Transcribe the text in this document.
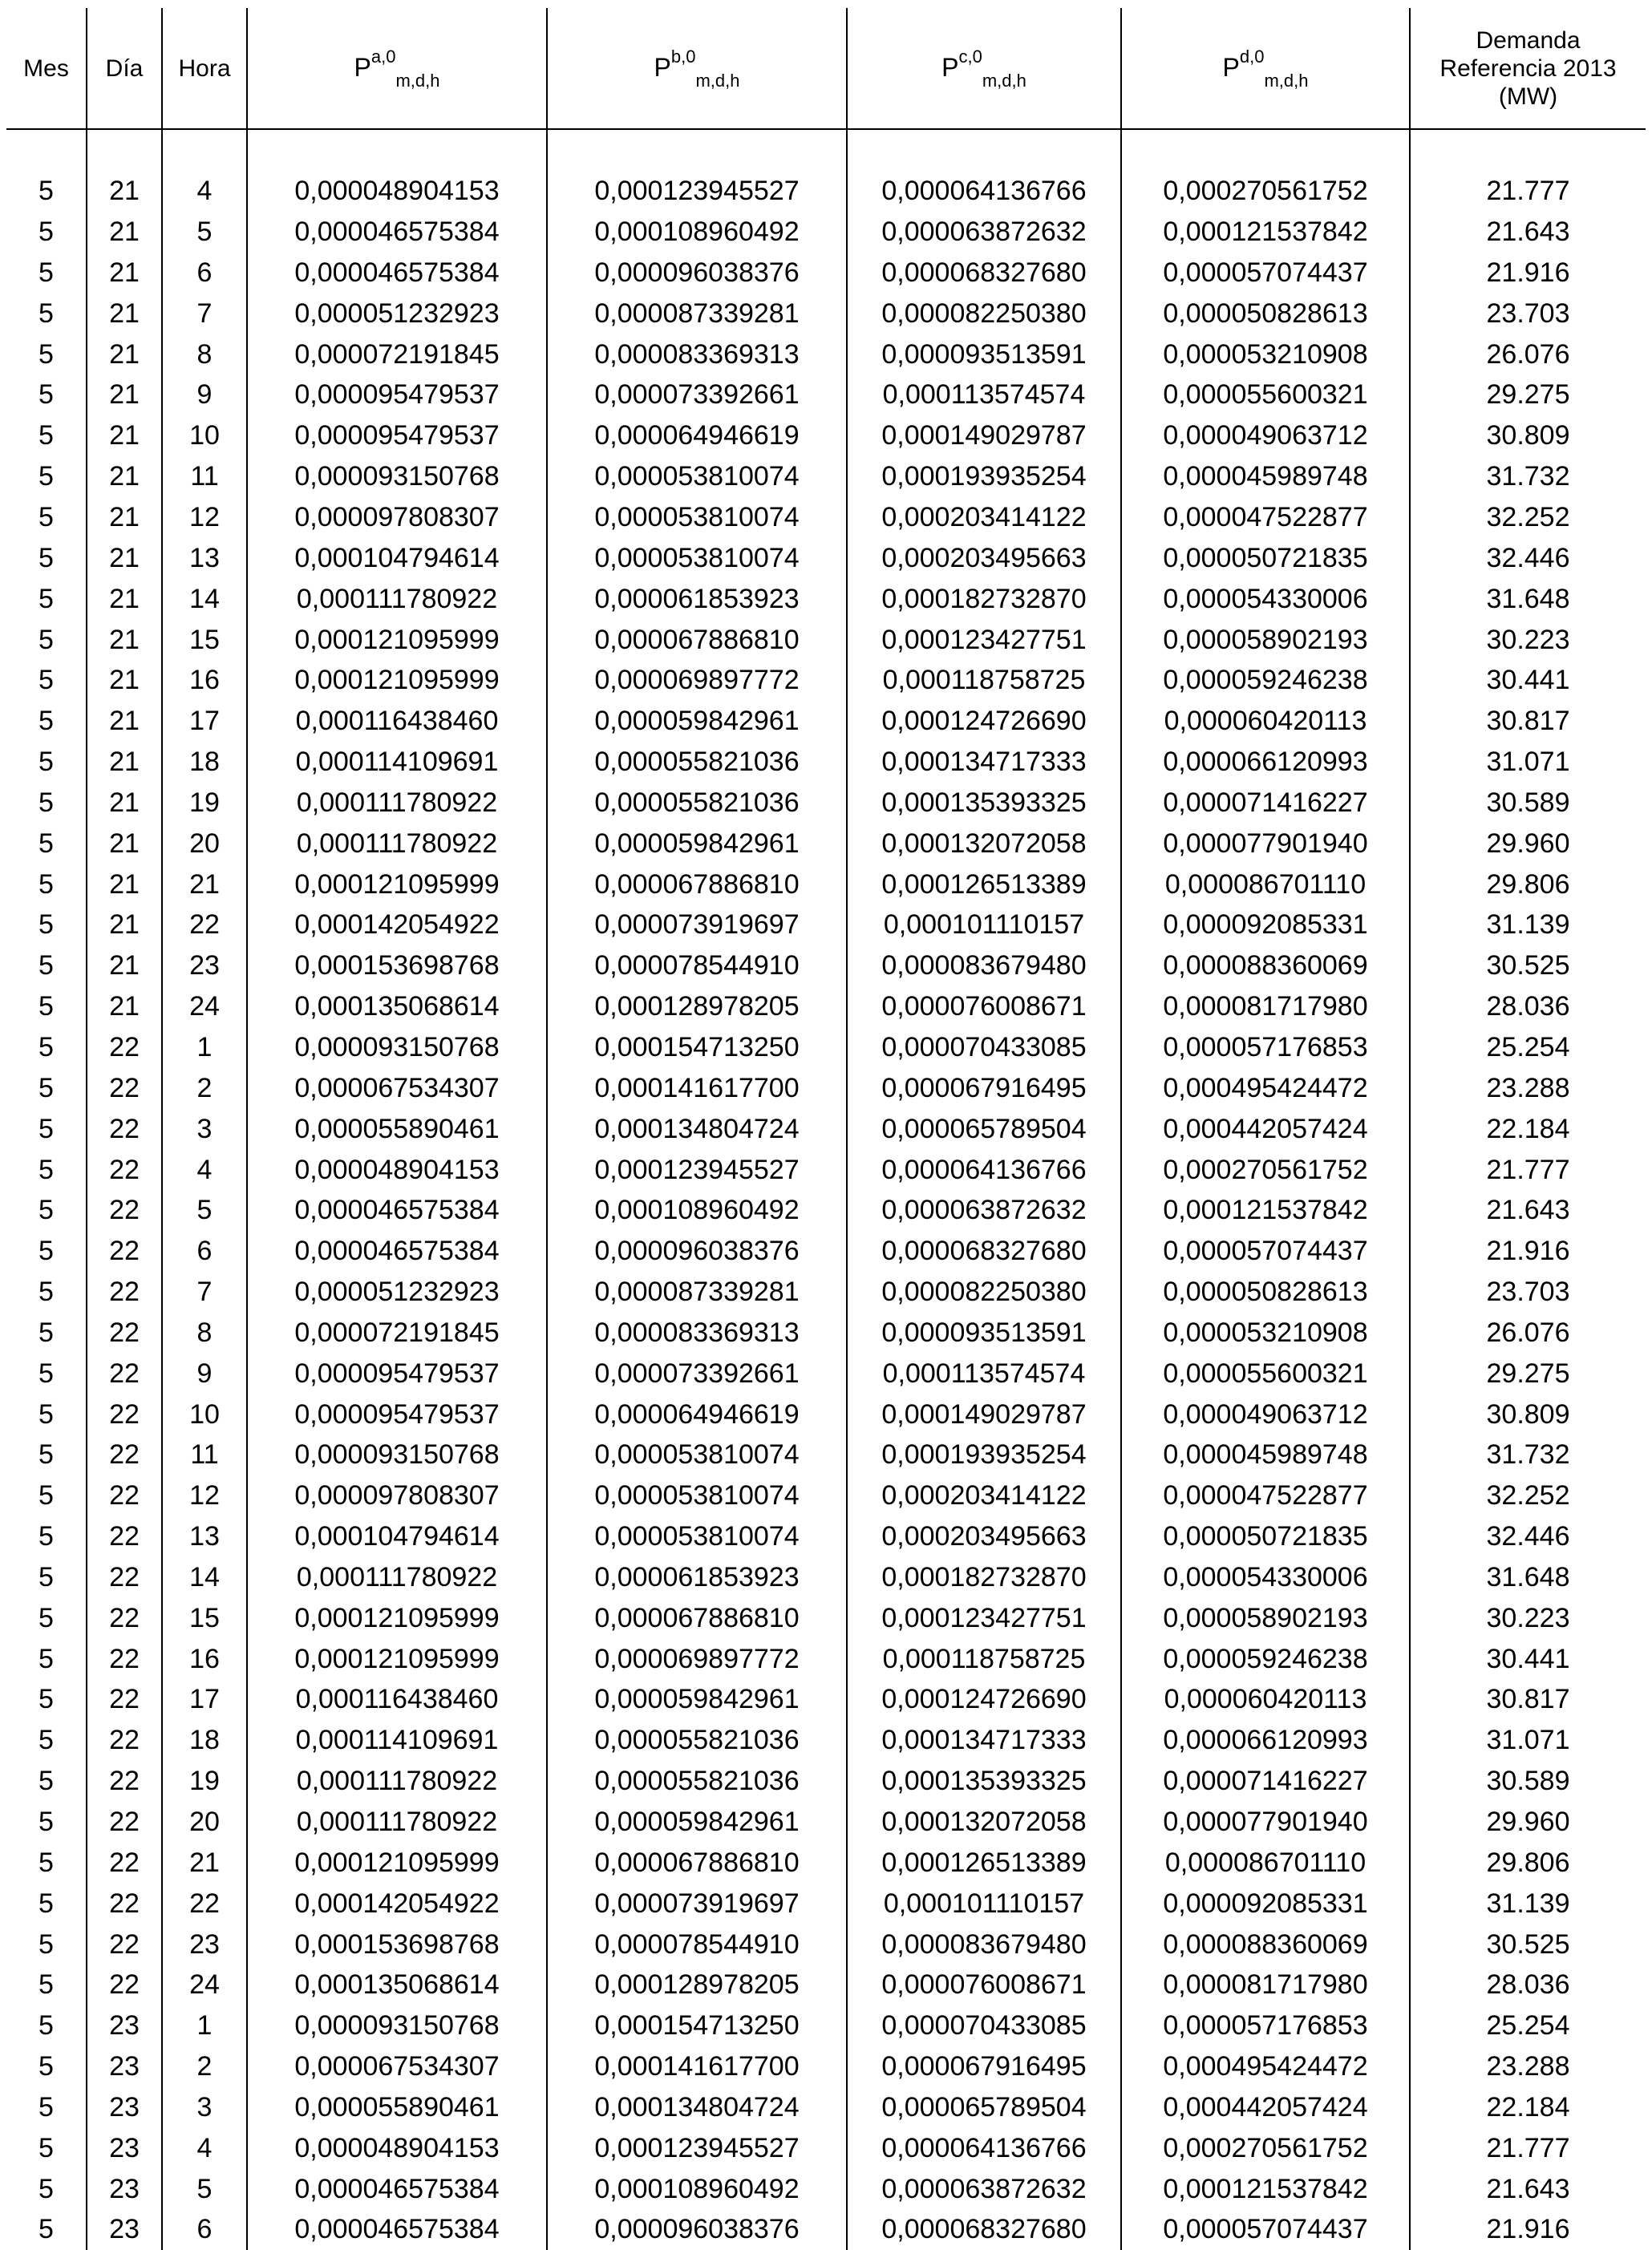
Mes	Día	Hora	P$^{a,0}_{m,d,h}$	P$^{b,0}_{m,d,h}$	P$^{c,0}_{m,d,h}$	P$^{d,0}_{m,d,h}$	Demanda
Referencia 2013
(MW)

5	21	4	0,000048904153	0,000123945527	0,000064136766	0,000270561752	21.777
5	21	5	0,000046575384	0,000108960492	0,000063872632	0,000121537842	21.643
5	21	6	0,000046575384	0,000096038376	0,000068327680	0,000057074437	21.916
5	21	7	0,000051232923	0,000087339281	0,000082250380	0,000050828613	23.703
5	21	8	0,000072191845	0,000083369313	0,000093513591	0,000053210908	26.076
5	21	9	0,000095479537	0,000073392661	0,000113574574	0,000055600321	29.275
5	21	10	0,000095479537	0,000064946619	0,000149029787	0,000049063712	30.809
5	21	11	0,000093150768	0,000053810074	0,000193935254	0,000045989748	31.732
5	21	12	0,000097808307	0,000053810074	0,000203414122	0,000047522877	32.252
5	21	13	0,000104794614	0,000053810074	0,000203495663	0,000050721835	32.446
5	21	14	0,000111780922	0,000061853923	0,000182732870	0,000054330006	31.648
5	21	15	0,000121095999	0,000067886810	0,000123427751	0,000058902193	30.223
5	21	16	0,000121095999	0,000069897772	0,000118758725	0,000059246238	30.441
5	21	17	0,000116438460	0,000059842961	0,000124726690	0,000060420113	30.817
5	21	18	0,000114109691	0,000055821036	0,000134717333	0,000066120993	31.071
5	21	19	0,000111780922	0,000055821036	0,000135393325	0,000071416227	30.589
5	21	20	0,000111780922	0,000059842961	0,000132072058	0,000077901940	29.960
5	21	21	0,000121095999	0,000067886810	0,000126513389	0,000086701110	29.806
5	21	22	0,000142054922	0,000073919697	0,000101110157	0,000092085331	31.139
5	21	23	0,000153698768	0,000078544910	0,000083679480	0,000088360069	30.525
5	21	24	0,000135068614	0,000128978205	0,000076008671	0,000081717980	28.036
5	22	1	0,000093150768	0,000154713250	0,000070433085	0,000057176853	25.254
5	22	2	0,000067534307	0,000141617700	0,000067916495	0,000495424472	23.288
5	22	3	0,000055890461	0,000134804724	0,000065789504	0,000442057424	22.184
5	22	4	0,000048904153	0,000123945527	0,000064136766	0,000270561752	21.777
5	22	5	0,000046575384	0,000108960492	0,000063872632	0,000121537842	21.643
5	22	6	0,000046575384	0,000096038376	0,000068327680	0,000057074437	21.916
5	22	7	0,000051232923	0,000087339281	0,000082250380	0,000050828613	23.703
5	22	8	0,000072191845	0,000083369313	0,000093513591	0,000053210908	26.076
5	22	9	0,000095479537	0,000073392661	0,000113574574	0,000055600321	29.275
5	22	10	0,000095479537	0,000064946619	0,000149029787	0,000049063712	30.809
5	22	11	0,000093150768	0,000053810074	0,000193935254	0,000045989748	31.732
5	22	12	0,000097808307	0,000053810074	0,000203414122	0,000047522877	32.252
5	22	13	0,000104794614	0,000053810074	0,000203495663	0,000050721835	32.446
5	22	14	0,000111780922	0,000061853923	0,000182732870	0,000054330006	31.648
5	22	15	0,000121095999	0,000067886810	0,000123427751	0,000058902193	30.223
5	22	16	0,000121095999	0,000069897772	0,000118758725	0,000059246238	30.441
5	22	17	0,000116438460	0,000059842961	0,000124726690	0,000060420113	30.817
5	22	18	0,000114109691	0,000055821036	0,000134717333	0,000066120993	31.071
5	22	19	0,000111780922	0,000055821036	0,000135393325	0,000071416227	30.589
5	22	20	0,000111780922	0,000059842961	0,000132072058	0,000077901940	29.960
5	22	21	0,000121095999	0,000067886810	0,000126513389	0,000086701110	29.806
5	22	22	0,000142054922	0,000073919697	0,000101110157	0,000092085331	31.139
5	22	23	0,000153698768	0,000078544910	0,000083679480	0,000088360069	30.525
5	22	24	0,000135068614	0,000128978205	0,000076008671	0,000081717980	28.036
5	23	1	0,000093150768	0,000154713250	0,000070433085	0,000057176853	25.254
5	23	2	0,000067534307	0,000141617700	0,000067916495	0,000495424472	23.288
5	23	3	0,000055890461	0,000134804724	0,000065789504	0,000442057424	22.184
5	23	4	0,000048904153	0,000123945527	0,000064136766	0,000270561752	21.777
5	23	5	0,000046575384	0,000108960492	0,000063872632	0,000121537842	21.643
5	23	6	0,000046575384	0,000096038376	0,000068327680	0,000057074437	21.916
